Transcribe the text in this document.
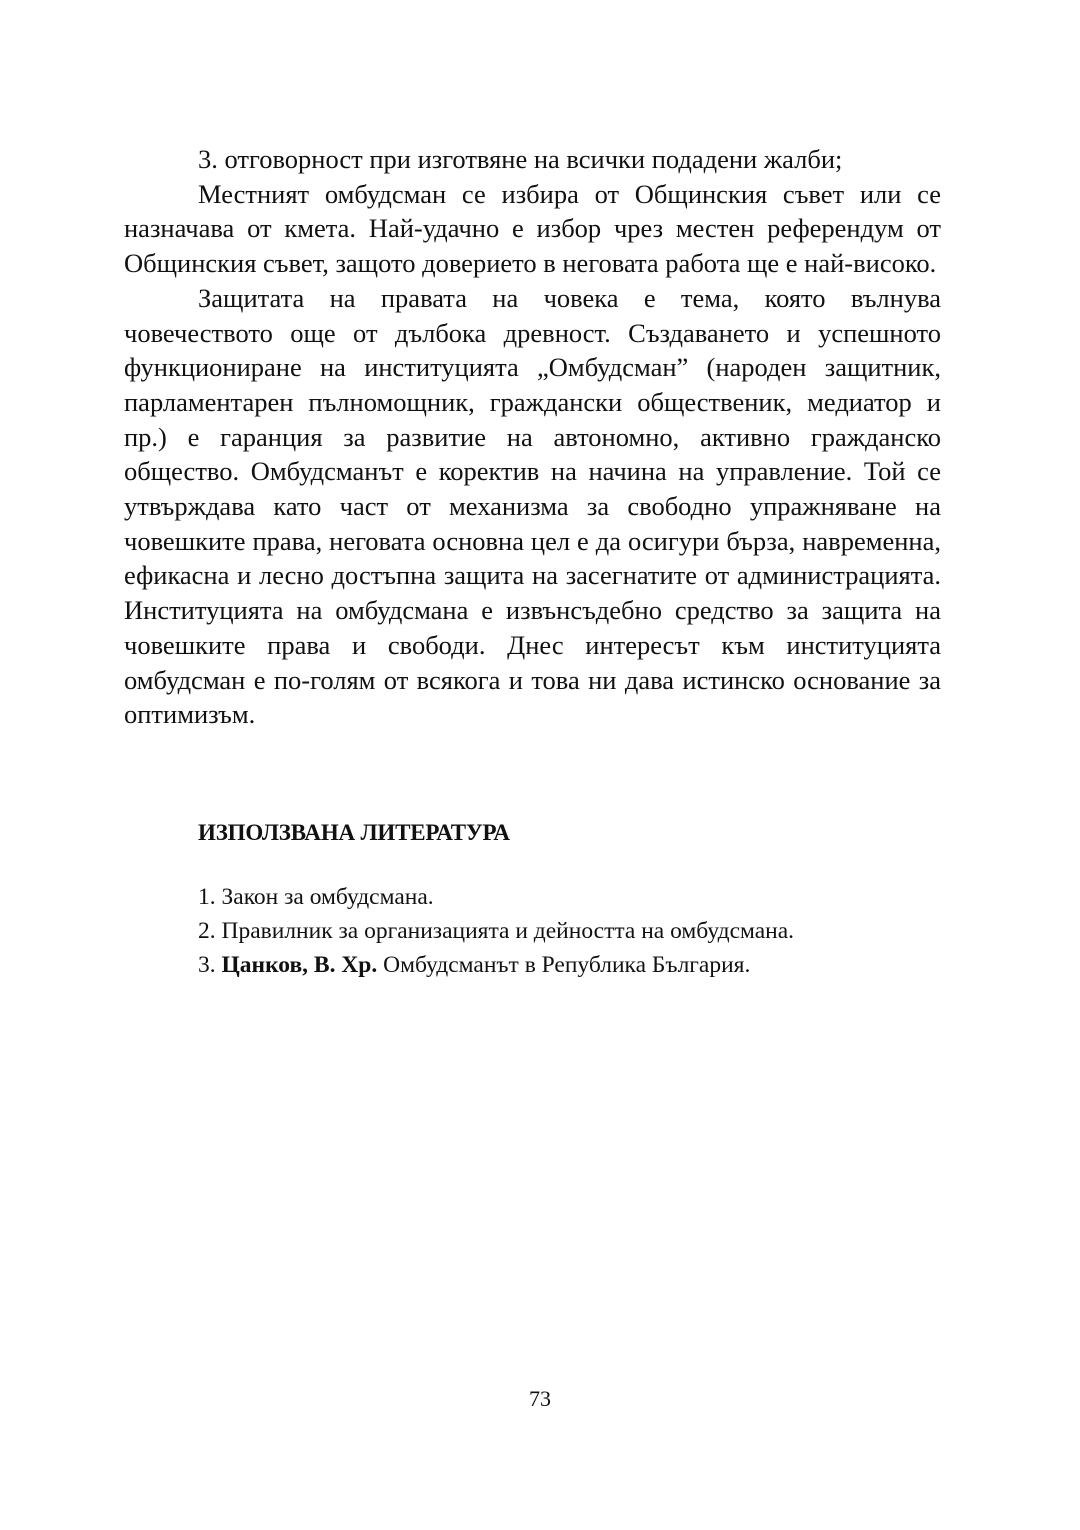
3. отговорност при изготвяне на всички подадени жалби;

Местният омбудсман се избира от Общинския съвет или се назначава от кмета. Най-удачно е избор чрез местен референдум от Общинския съвет, защото доверието в неговата работа ще е най-високо.

Защитата на правата на човека е тема, която вълнува човечеството още от дълбока древност. Създаването и успешното функциониране на институцията „Омбудсман” (народен защитник, парламентарен пълномощник, граждански общественик, медиатор и пр.) е гаранция за развитие на автономно, активно гражданско общество. Омбудсманът е коректив на начина на управление. Той се утвърждава като част от механизма за свободно упражняване на човешките права, неговата основна цел е да осигури бърза, навременна, ефикасна и лесно достъпна защита на засегнатите от администрацията. Институцията на омбудсмана е извънсъдебно средство за защита на човешките права и свободи. Днес интересът към институцията омбудсман е по-голям от всякога и това ни дава истинско основание за оптимизъм.

ИЗПОЛЗВАНА ЛИТЕРАТУРА
1. Закон за омбудсмана.
2. Правилник за организацията и дейността на омбудсмана.
3. Цанков, В. Хр. Омбудсманът в Република България.
73
